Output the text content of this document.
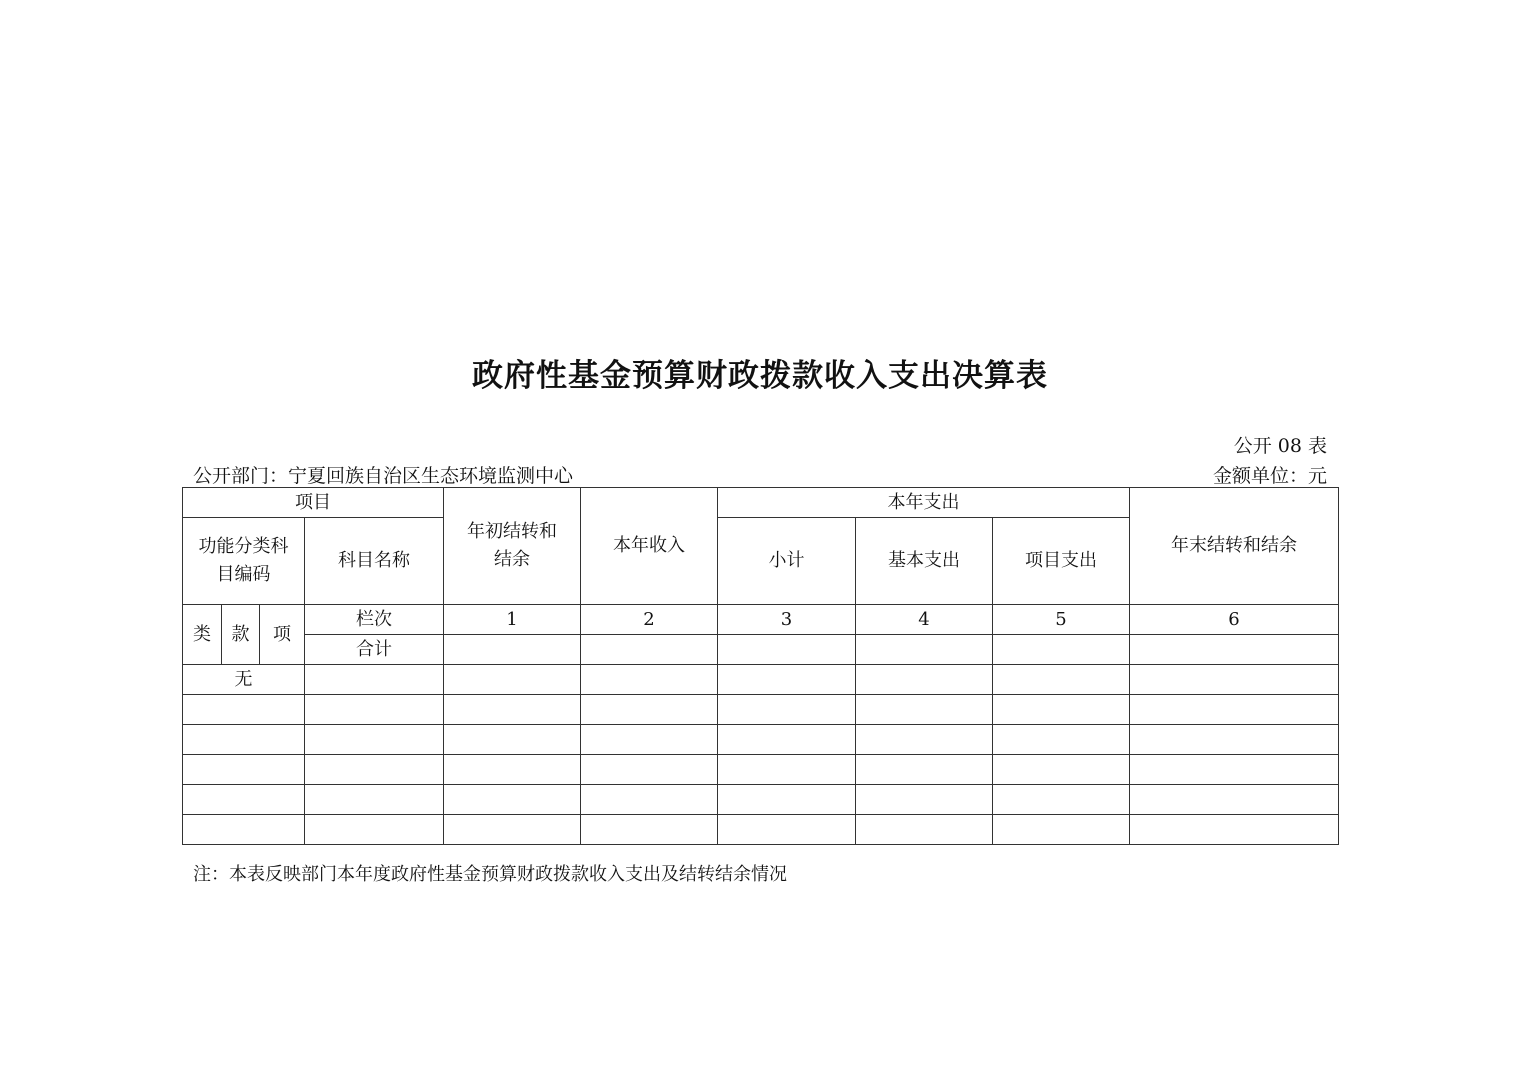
政府性基金预算财政拨款收入支出决算表
公开 08 表
公开部门：宁夏回族自治区生态环境监测中心	金额单位：元
项目				年初结转和结余	本年收入	本年支出			年末结转和结余
功能分类科目编码			科目名称			小计	基本支出	项目支出	
类	款	项	栏次	1	2	3	4	5	6
			合计						
无									

注：本表反映部门本年度政府性基金预算财政拨款收入支出及结转结余情况
